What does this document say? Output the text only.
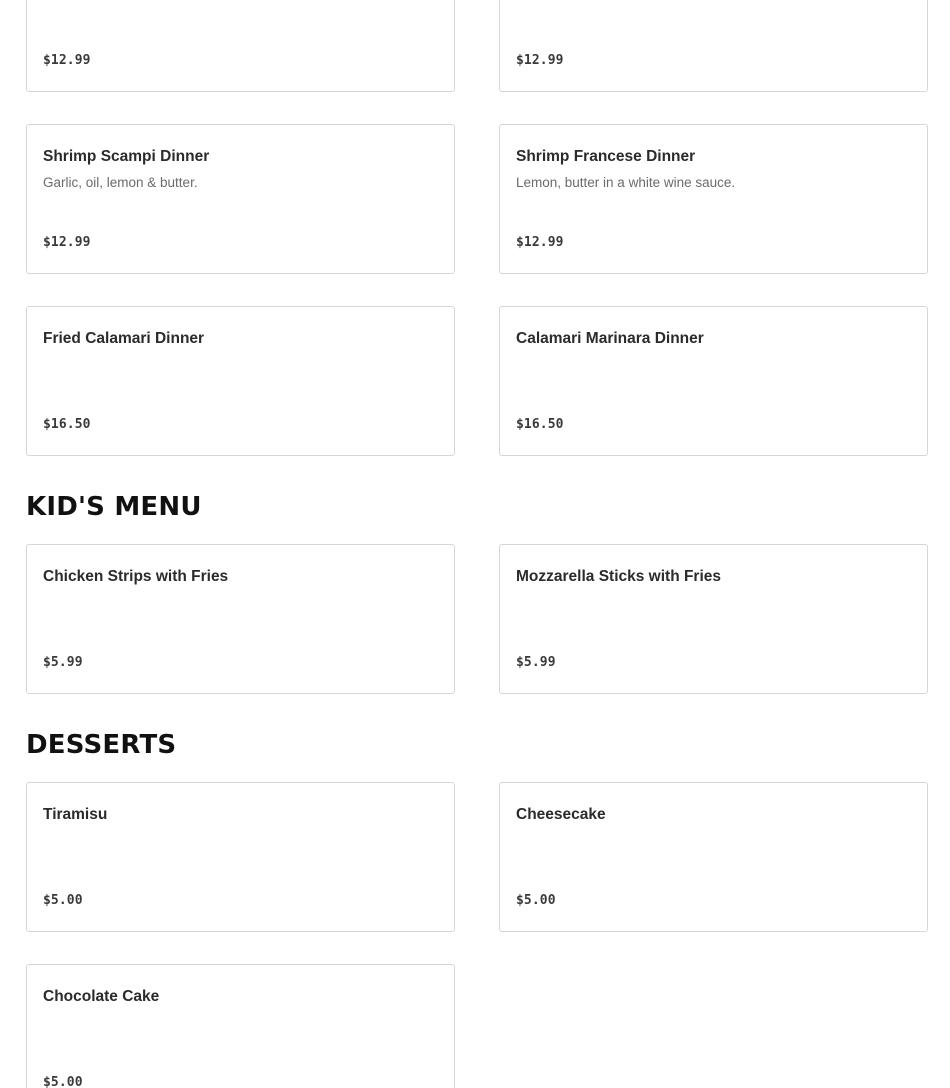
$12.99	$12.99
Shrimp Scampi Dinner
Garlic, oil, lemon & butter.
$12.99
Shrimp Francese Dinner
Lemon, butter in a white wine sauce.
$12.99
Fried Calamari Dinner
$16.50
Calamari Marinara Dinner
$16.50
KID'S MENU
Chicken Strips with Fries
$5.99
Mozzarella Sticks with Fries
$5.99
DESSERTS
Tiramisu
$5.00
Cheesecake
$5.00
Chocolate Cake
$5.00
